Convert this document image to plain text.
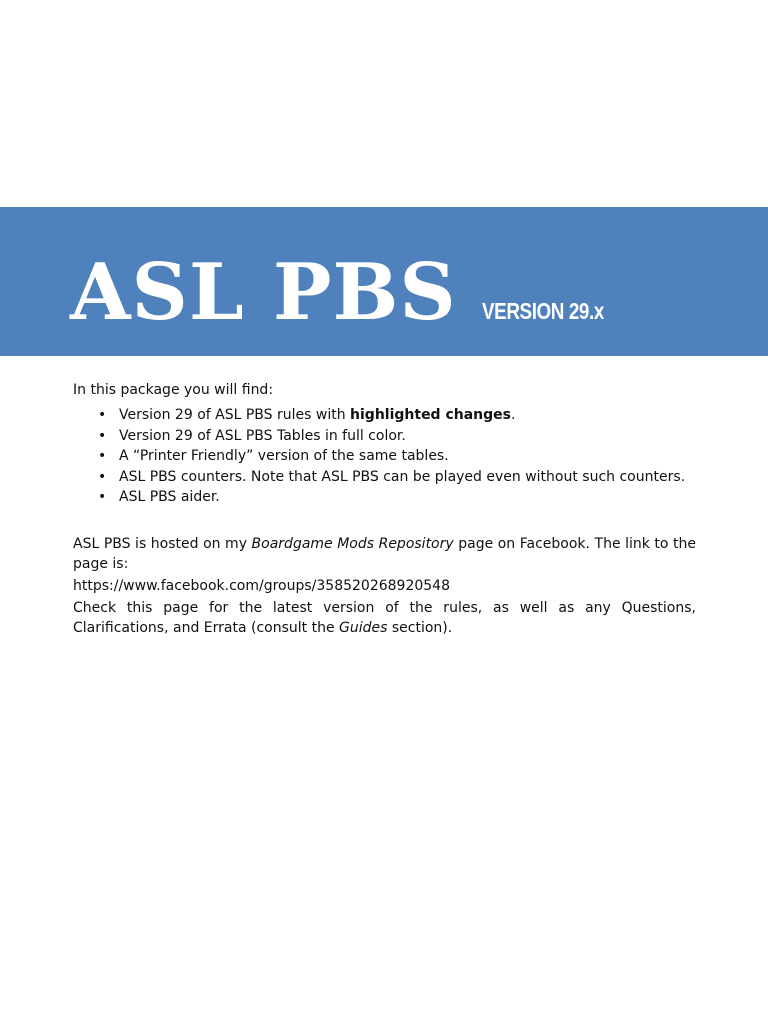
ASL PBS VERSION 29.x

In this package you will find:

• Version 29 of ASL PBS rules with highlighted changes.
• Version 29 of ASL PBS Tables in full color.
• A “Printer Friendly” version of the same tables.
• ASL PBS counters. Note that ASL PBS can be played even without such counters.
• ASL PBS aider.

ASL PBS is hosted on my Boardgame Mods Repository page on Facebook. The link to the page is:

https://www.facebook.com/groups/358520268920548

Check this page for the latest version of the rules, as well as any Questions, Clarifications, and Errata (consult the Guides section).
